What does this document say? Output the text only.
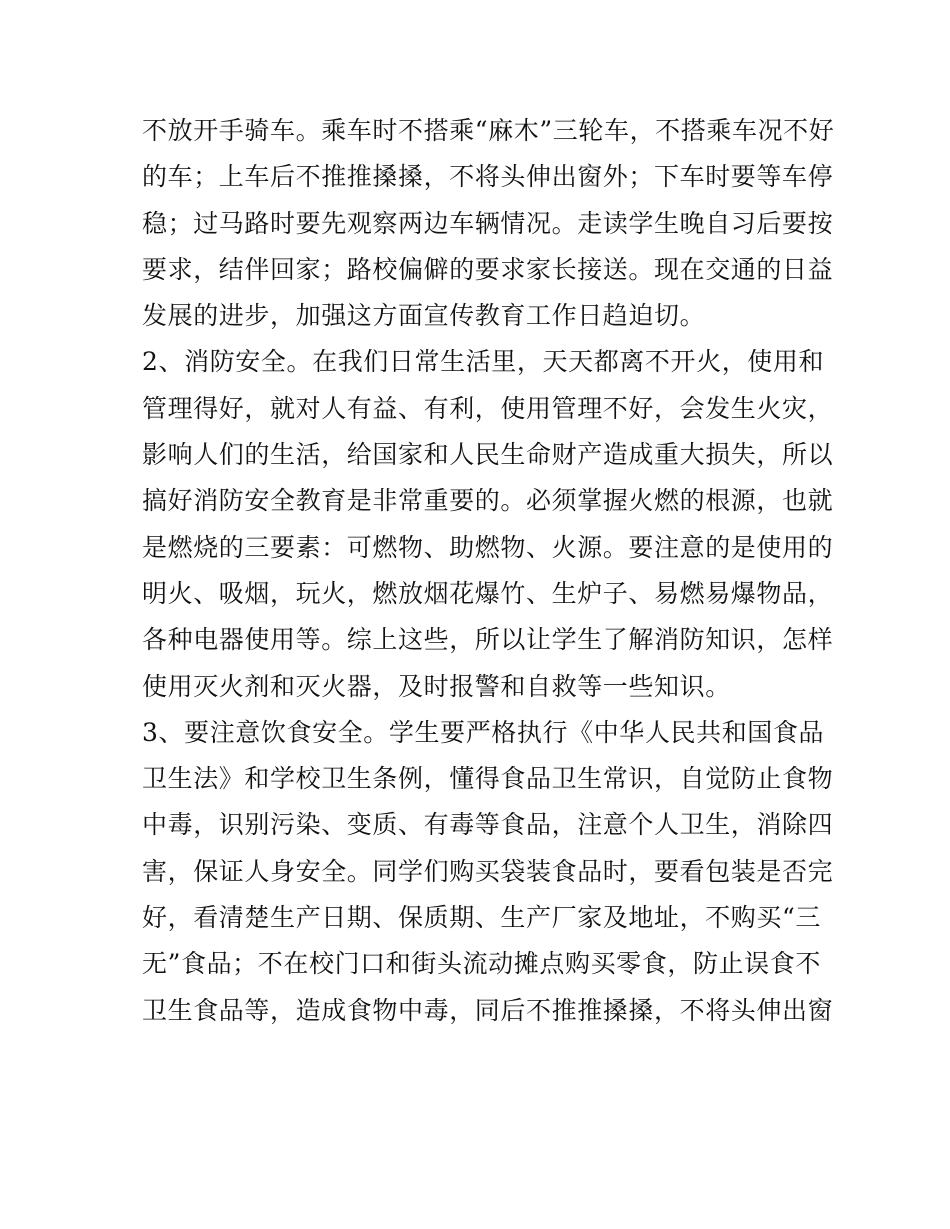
不放开手骑车。乘车时不搭乘“麻木”三轮车，不搭乘车况不好
的车；上车后不推推搡搡，不将头伸出窗外；下车时要等车停
稳；过马路时要先观察两边车辆情况。走读学生晚自习后要按
要求，结伴回家；路校偏僻的要求家长接送。现在交通的日益
发展的进步，加强这方面宣传教育工作日趋迫切。
2、消防安全。在我们日常生活里，天天都离不开火，使用和
管理得好，就对人有益、有利，使用管理不好，会发生火灾，
影响人们的生活，给国家和人民生命财产造成重大损失，所以
搞好消防安全教育是非常重要的。必须掌握火燃的根源，也就
是燃烧的三要素：可燃物、助燃物、火源。要注意的是使用的
明火、吸烟，玩火，燃放烟花爆竹、生炉子、易燃易爆物品，
各种电器使用等。综上这些，所以让学生了解消防知识，怎样
使用灭火剂和灭火器，及时报警和自救等一些知识。
3、要注意饮食安全。学生要严格执行《中华人民共和国食品
卫生法》和学校卫生条例，懂得食品卫生常识，自觉防止食物
中毒，识别污染、变质、有毒等食品，注意个人卫生，消除四
害，保证人身安全。同学们购买袋装食品时，要看包装是否完
好，看清楚生产日期、保质期、生产厂家及地址，不购买“三
无”食品；不在校门口和街头流动摊点购买零食，防止误食不
卫生食品等，造成食物中毒，同后不推推搡搡，不将头伸出窗
